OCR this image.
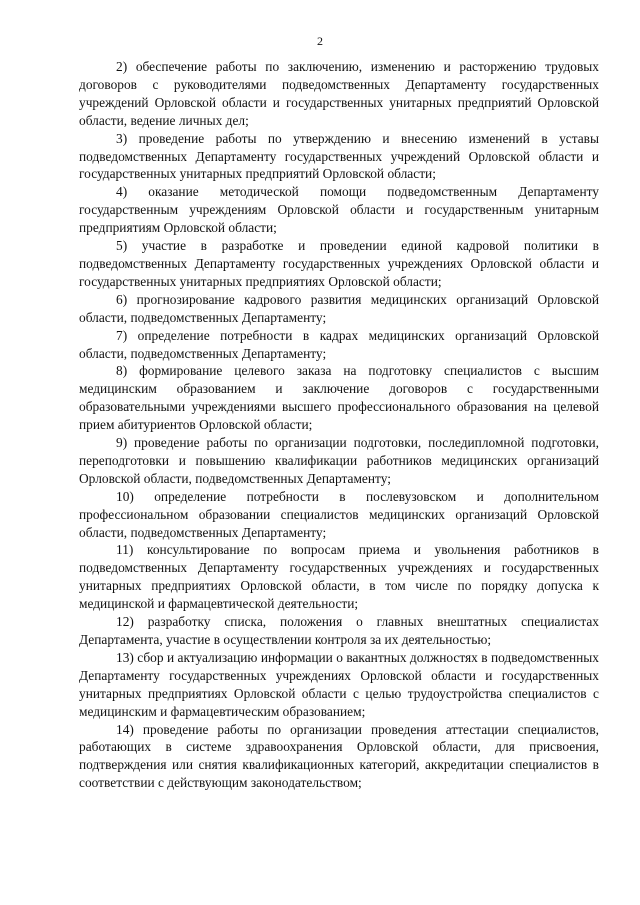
2

2) обеспечение работы по заключению, изменению и расторжению трудовых договоров с руководителями подведомственных Департаменту государственных учреждений Орловской области и государственных унитарных предприятий Орловской области, ведение личных дел;

3) проведение работы по утверждению и внесению изменений в уставы подведомственных Департаменту государственных учреждений Орловской области и государственных унитарных предприятий Орловской области;

4) оказание методической помощи подведомственным Департаменту государственным учреждениям Орловской области и государственным унитарным предприятиям Орловской области;

5) участие в разработке и проведении единой кадровой политики в подведомственных Департаменту государственных учреждениях Орловской области и государственных унитарных предприятиях Орловской области;

6) прогнозирование кадрового развития медицинских организаций Орловской области, подведомственных Департаменту;

7) определение потребности в кадрах медицинских организаций Орловской области, подведомственных Департаменту;

8) формирование целевого заказа на подготовку специалистов с высшим медицинским образованием и заключение договоров с государственными образовательными учреждениями высшего профессионального образования на целевой прием абитуриентов Орловской области;

9) проведение работы по организации подготовки, последипломной подготовки, переподготовки и повышению квалификации работников медицинских организаций Орловской области, подведомственных Департаменту;

10) определение потребности в послевузовском и дополнительном профессиональном образовании специалистов медицинских организаций Орловской области, подведомственных Департаменту;

11) консультирование по вопросам приема и увольнения работников в подведомственных Департаменту государственных учреждениях и государственных унитарных предприятиях Орловской области, в том числе по порядку допуска к медицинской и фармацевтической деятельности;

12) разработку списка, положения о главных внештатных специалистах Департамента, участие в осуществлении контроля за их деятельностью;

13) сбор и актуализацию информации о вакантных должностях в подведомственных Департаменту государственных учреждениях Орловской области и государственных унитарных предприятиях Орловской области с целью трудоустройства специалистов с медицинским и фармацевтическим образованием;

14) проведение работы по организации проведения аттестации специалистов, работающих в системе здравоохранения Орловской области, для присвоения, подтверждения или снятия квалификационных категорий, аккредитации специалистов в соответствии с действующим законодательством;
